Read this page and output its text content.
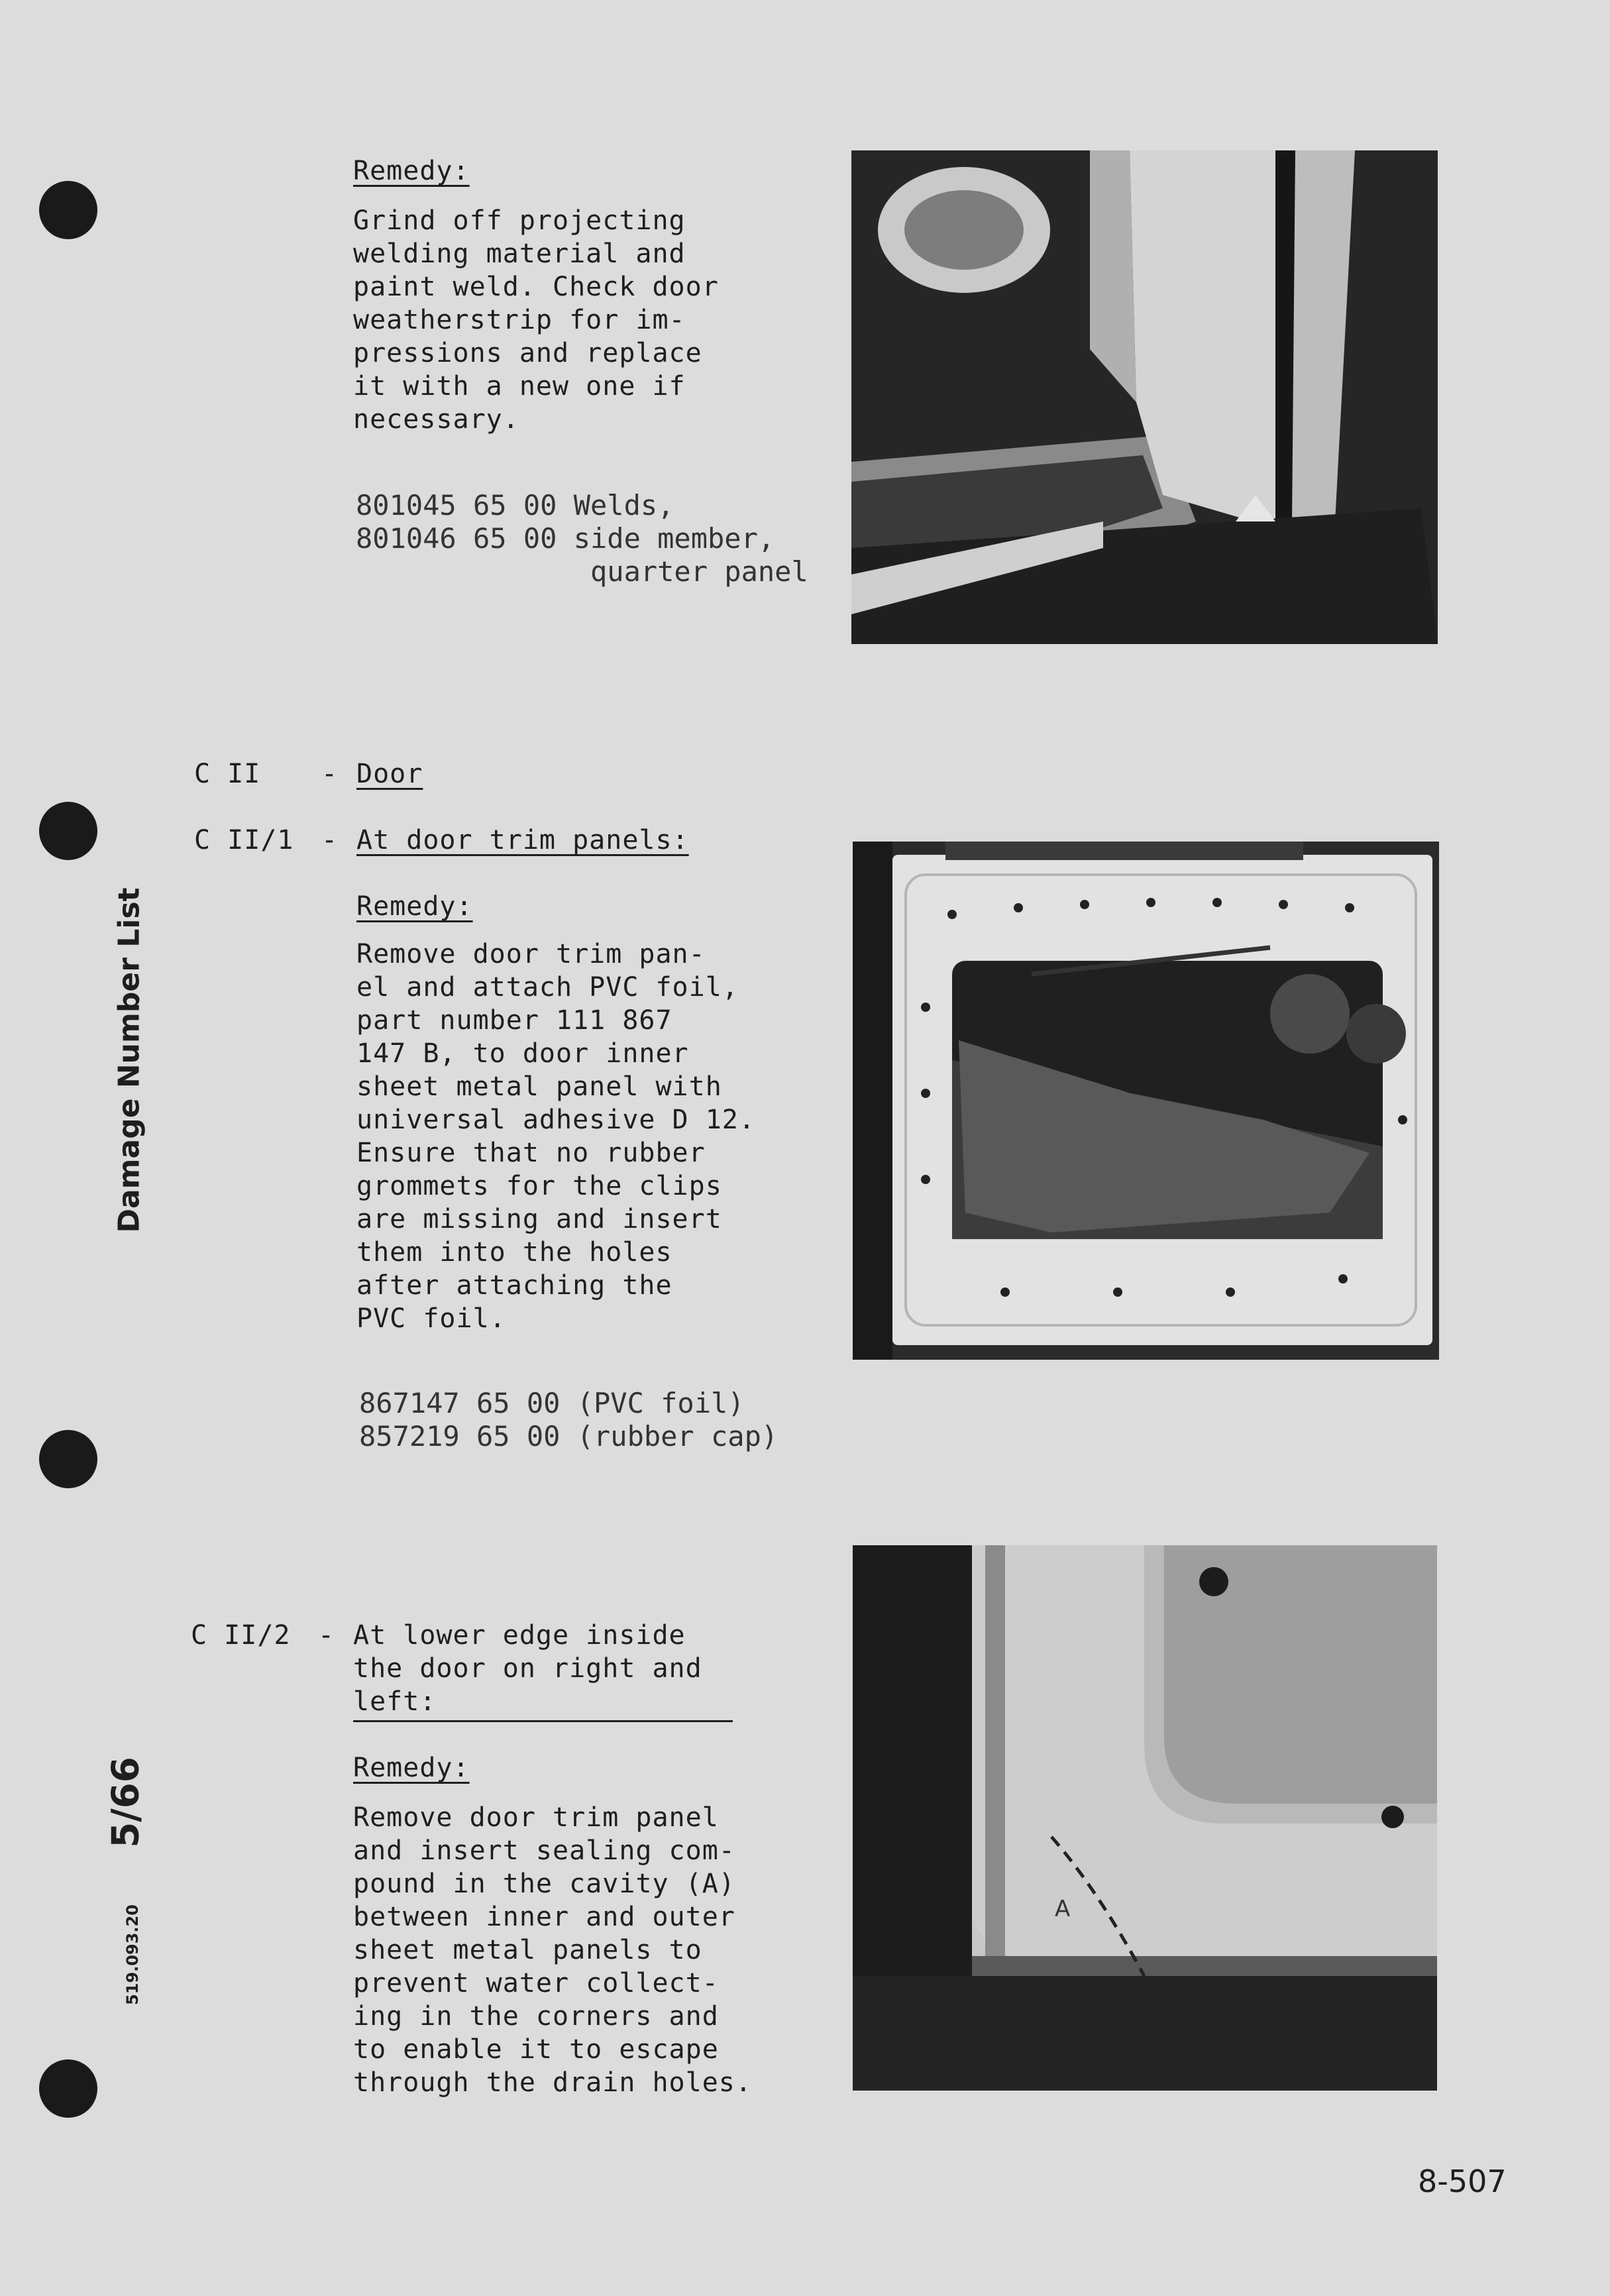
Damage Number List
5/66
519.093.20
Remedy:
Grind off projecting
welding material and
paint weld. Check door
weatherstrip for im-
pressions and replace
it with a new one if
necessary.
801045 65 00 Welds,
801046 65 00 side member,
quarter panel
C II - Door
C II/1 - At door trim panels:
Remedy:
Remove door trim pan-
el and attach PVC foil,
part number 111 867
147 B, to door inner
sheet metal panel with
universal adhesive D 12.
Ensure that no rubber
grommets for the clips
are missing and insert
them into the holes
after attaching the
PVC foil.
867147 65 00 (PVC foil)
857219 65 00 (rubber cap)
C II/2 - At lower edge inside
the door on right and
left:
Remedy:
Remove door trim panel
and insert sealing com-
pound in the cavity (A)
between inner and outer
sheet metal panels to
prevent water collect-
ing in the corners and
to enable it to escape
through the drain holes.
A
8-507
